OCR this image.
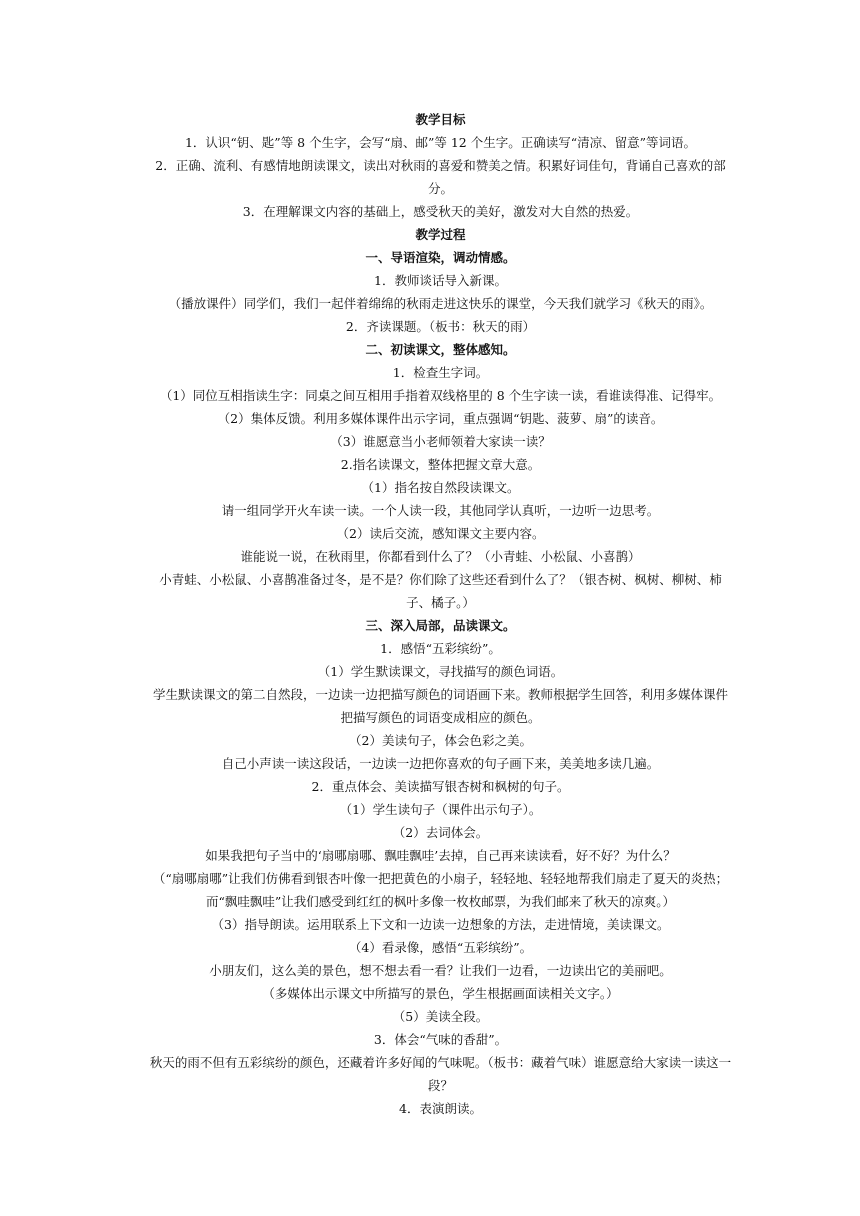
教学目标

1．认识“钥、匙”等 8 个生字，会写“扇、邮”等 12 个生字。正确读写“清凉、留意”等词语。

2．正确、流利、有感情地朗读课文，读出对秋雨的喜爱和赞美之情。积累好词佳句，背诵自己喜欢的部分。

3．在理解课文内容的基础上，感受秋天的美好，激发对大自然的热爱。

教学过程

一、导语渲染，调动情感。

1．教师谈话导入新课。

（播放课件）同学们，我们一起伴着绵绵的秋雨走进这快乐的课堂，今天我们就学习《秋天的雨》。

2．齐读课题。（板书：秋天的雨）

二、初读课文，整体感知。

1．检查生字词。

（1）同位互相指读生字：同桌之间互相用手指着双线格里的 8 个生字读一读，看谁读得准、记得牢。

（2）集体反馈。利用多媒体课件出示字词，重点强调“钥匙、菠萝、扇”的读音。

（3）谁愿意当小老师领着大家读一读？

2.指名读课文，整体把握文章大意。

（1）指名按自然段读课文。

请一组同学开火车读一读。一个人读一段，其他同学认真听，一边听一边思考。

（2）读后交流，感知课文主要内容。

谁能说一说，在秋雨里，你都看到什么了？（小青蛙、小松鼠、小喜鹊）

小青蛙、小松鼠、小喜鹊准备过冬，是不是？你们除了这些还看到什么了？（银杏树、枫树、柳树、柿子、橘子。）

三、深入局部，品读课文。

1．感悟“五彩缤纷”。

（1）学生默读课文，寻找描写的颜色词语。

学生默读课文的第二自然段，一边读一边把描写颜色的词语画下来。教师根据学生回答，利用多媒体课件把描写颜色的词语变成相应的颜色。

（2）美读句子，体会色彩之美。

自己小声读一读这段话，一边读一边把你喜欢的句子画下来，美美地多读几遍。

2．重点体会、美读描写银杏树和枫树的句子。

（1）学生读句子（课件出示句子）。

（2）去词体会。

如果我把句子当中的‘扇哪扇哪、飘哇飘哇’去掉，自己再来读读看，好不好？为什么？

（“扇哪扇哪”让我们仿佛看到银杏叶像一把把黄色的小扇子，轻轻地、轻轻地帮我们扇走了夏天的炎热；而“飘哇飘哇”让我们感受到红红的枫叶多像一枚枚邮票，为我们邮来了秋天的凉爽。）

（3）指导朗读。运用联系上下文和一边读一边想象的方法，走进情境，美读课文。

（4）看录像，感悟“五彩缤纷”。

小朋友们，这么美的景色，想不想去看一看？让我们一边看，一边读出它的美丽吧。

（多媒体出示课文中所描写的景色，学生根据画面读相关文字。）

（5）美读全段。

3．体会“气味的香甜”。

秋天的雨不但有五彩缤纷的颜色，还藏着许多好闻的气味呢。（板书：藏着气味）谁愿意给大家读一读这一段？

4．表演朗读。
